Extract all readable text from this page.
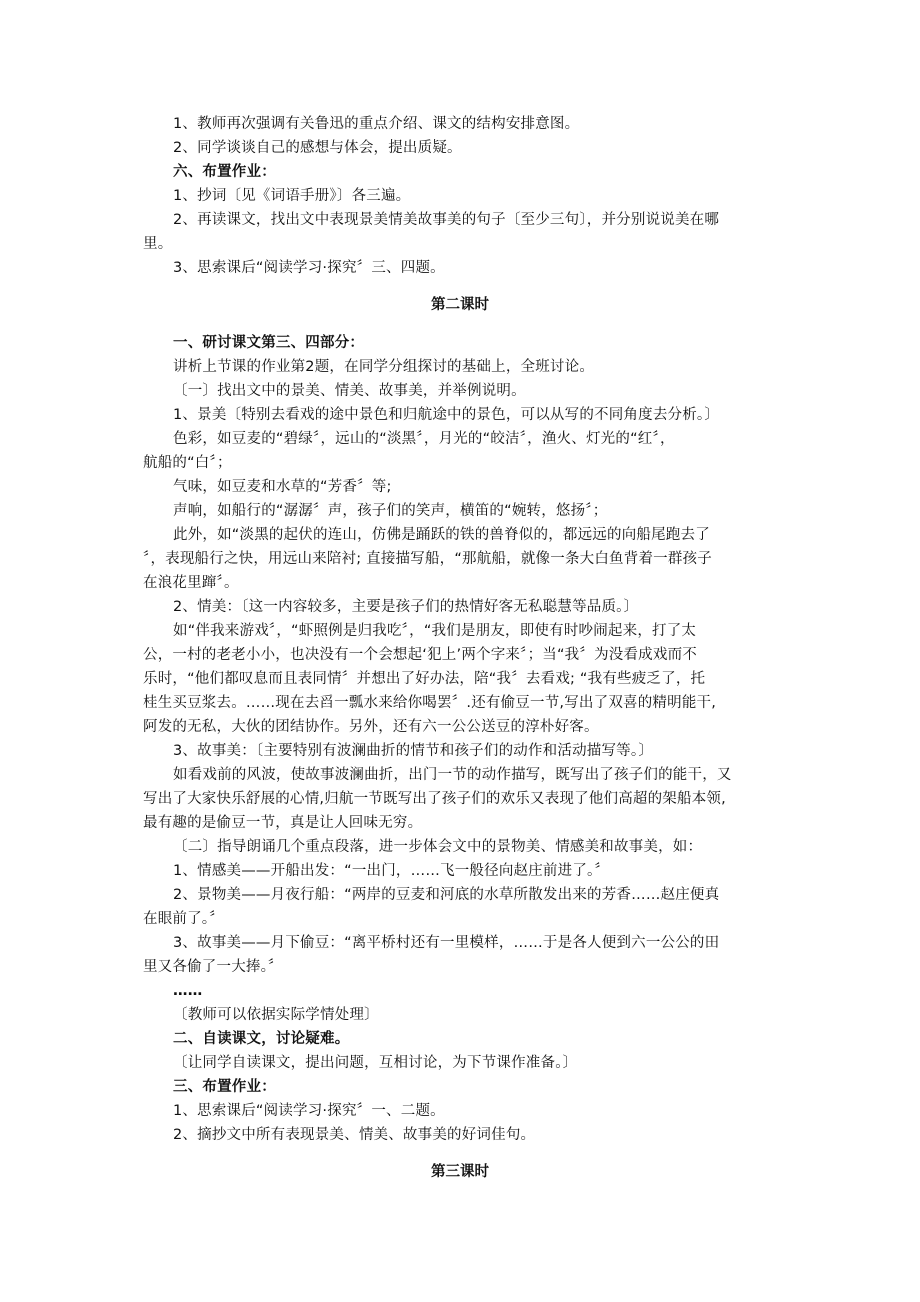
1、教师再次强调有关鲁迅的重点介绍、课文的结构安排意图。
2、同学谈谈自己的感想与体会，提出质疑。
六、布置作业：
1、抄词〔见《词语手册》〕各三遍。
2、再读课文，找出文中表现景美情美故事美的句子〔至少三句〕，并分别说说美在哪
里。
3、思索课后“阅读学习·探究〞三、四题。
第二课时
一、研讨课文第三、四部分：
讲析上节课的作业第2题，在同学分组探讨的基础上，全班讨论。
〔一〕找出文中的景美、情美、故事美，并举例说明。
1、景美〔特别去看戏的途中景色和归航途中的景色，可以从写的不同角度去分析。〕
色彩，如豆麦的“碧绿〞，远山的“淡黑〞，月光的“皎洁〞，渔火、灯光的“红〞，
航船的“白〞；
气味，如豆麦和水草的“芳香〞等;
声响，如船行的“潺潺〞声，孩子们的笑声，横笛的“婉转，悠扬〞；
此外，如“淡黑的起伏的连山，仿佛是踊跃的铁的兽脊似的，都远远的向船尾跑去了
〞，表现船行之快，用远山来陪衬; 直接描写船，“那航船，就像一条大白鱼背着一群孩子
在浪花里蹿〞。
2、情美：〔这一内容较多，主要是孩子们的热情好客无私聪慧等品质。〕
如“伴我来游戏〞，“虾照例是归我吃〞，“我们是朋友，即使有时吵闹起来，打了太
公，一村的老老小小，也决没有一个会想起‘犯上’两个字来〞；当“我〞为没看成戏而不
乐时，“他们都叹息而且表同情〞并想出了好办法，陪“我〞去看戏; “我有些疲乏了，托
桂生买豆浆去。……现在去舀一瓢水来给你喝罢〞.还有偷豆一节,写出了双喜的精明能干,
阿发的无私，大伙的团结协作。另外，还有六一公公送豆的淳朴好客。
3、故事美：〔主要特别有波澜曲折的情节和孩子们的动作和活动描写等。〕
如看戏前的风波，使故事波澜曲折，出门一节的动作描写，既写出了孩子们的能干，又
写出了大家快乐舒展的心情,归航一节既写出了孩子们的欢乐又表现了他们高超的架船本领,
最有趣的是偷豆一节，真是让人回味无穷。
〔二〕指导朗诵几个重点段落，进一步体会文中的景物美、情感美和故事美，如：
1、情感美——开船出发：“一出门，……飞一般径向赵庄前进了。〞
2、景物美——月夜行船：“两岸的豆麦和河底的水草所散发出来的芳香……赵庄便真
在眼前了。〞
3、故事美——月下偷豆：“离平桥村还有一里模样，……于是各人便到六一公公的田
里又各偷了一大捧。〞
……
〔教师可以依据实际学情处理〕
二、自读课文，讨论疑难。
〔让同学自读课文，提出问题，互相讨论，为下节课作准备。〕
三、布置作业：
1、思索课后“阅读学习·探究〞一、二题。
2、摘抄文中所有表现景美、情美、故事美的好词佳句。
第三课时
